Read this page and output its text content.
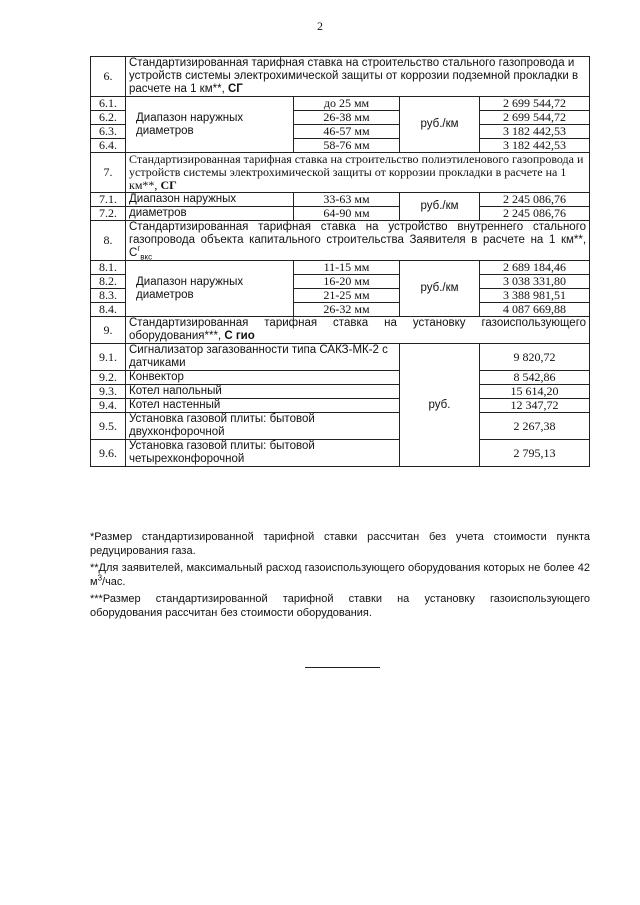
2
6.	Стандартизированная тарифная ставка на строительство стального газопровода и устройств системы электрохимической защиты от коррозии подземной прокладки в расчете на 1 км**, СГ			
6.1.	Диапазон наружных диаметров	до 25 мм	руб./км	2 699 544,72
6.2.		26-38 мм		2 699 544,72
6.3.		46-57 мм		3 182 442,53
6.4.		58-76 мм		3 182 442,53
7.	Стандартизированная тарифная ставка на строительство полиэтиленового газопровода и устройств системы электрохимической защиты от коррозии прокладки в расчете на 1 км**, СГ			
7.1.	Диапазон наружных	33-63 мм	руб./км	2 245 086,76
7.2.	диаметров	64-90 мм		2 245 086,76
8.	Стандартизированная тарифная ставка на устройство внутреннего стального газопровода объекта капитального строительства Заявителя в расчете на 1 км**, $C^г_{вкс}$
8.1.	Диапазон наружных диаметров	11-15 мм	руб./км	2 689 184,46
8.2.		16-20 мм		3 038 331,80
8.3.		21-25 мм		3 388 981,51
8.4.		26-32 мм		4 087 669,88
9.	Стандартизированная тарифная ставка на установку газоиспользующего оборудования***, С гио			
9.1.	Сигнализатор загазованности типа САКЗ-МК-2 с датчиками		руб.	9 820,72
9.2.	Конвектор			8 542,86
9.3.	Котел напольный			15 614,20
9.4.	Котел настенный			12 347,72
9.5.	Установка газовой плиты: бытовой двухконфорочной			2 267,38
9.6.	Установка газовой плиты: бытовой четырехконфорочной			2 795,13

*Размер стандартизированной тарифной ставки рассчитан без учета стоимости пункта редуцирования газа.

**Для заявителей, максимальный расход газоиспользующего оборудования которых не более 42 $м^3$/час.

***Размер стандартизированной тарифной ставки на установку газоиспользующего оборудования рассчитан без стоимости оборудования.
